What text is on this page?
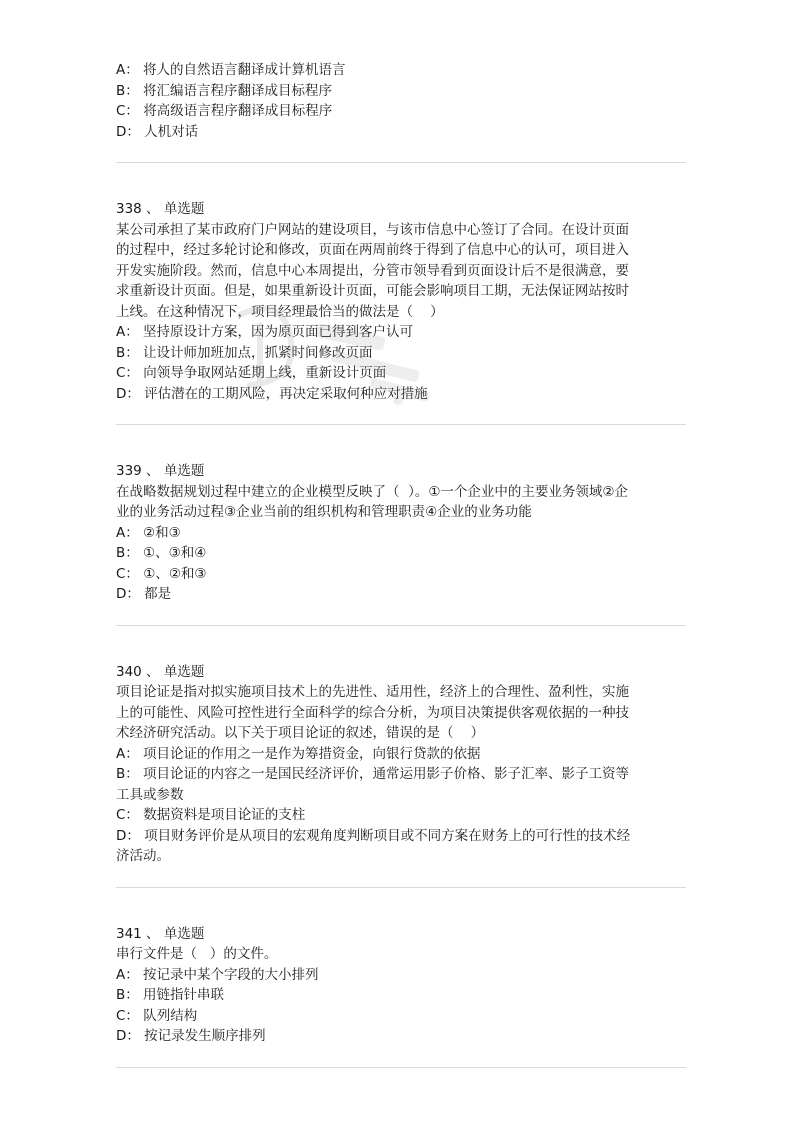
A： 将人的自然语言翻译成计算机语言

B： 将汇编语言程序翻译成目标程序

C： 将高级语言程序翻译成目标程序

D： 人机对话

338 、 单选题

某公司承担了某市政府门户网站的建设项目，与该市信息中心签订了合同。在设计页面

的过程中，经过多轮讨论和修改，页面在两周前终于得到了信息中心的认可，项目进入

开发实施阶段。然而，信息中心本周提出，分管市领导看到页面设计后不是很满意，要

求重新设计页面。但是，如果重新设计页面，可能会影响项目工期，无法保证网站按时

上线。在这种情况下，项目经理最恰当的做法是（    ）

A： 坚持原设计方案，因为原页面已得到客户认可

B： 让设计师加班加点，抓紧时间修改页面

C： 向领导争取网站延期上线，重新设计页面

D： 评估潜在的工期风险，再决定采取何种应对措施

339 、 单选题

在战略数据规划过程中建立的企业模型反映了（  ）。①一个企业中的主要业务领域②企

业的业务活动过程③企业当前的组织机构和管理职责④企业的业务功能

A： ②和③

B： ①、③和④

C： ①、②和③

D： 都是

340 、 单选题

项目论证是指对拟实施项目技术上的先进性、适用性，经济上的合理性、盈利性，实施

上的可能性、风险可控性进行全面科学的综合分析，为项目决策提供客观依据的一种技

术经济研究活动。以下关于项目论证的叙述，错误的是（    ）

A： 项目论证的作用之一是作为筹措资金，向银行贷款的依据

B： 项目论证的内容之一是国民经济评价，通常运用影子价格、影子汇率、影子工资等

工具或参数

C： 数据资料是项目论证的支柱

D： 项目财务评价是从项目的宏观角度判断项目或不同方案在财务上的可行性的技术经

济活动。

341 、 单选题

串行文件是（   ）的文件。

A： 按记录中某个字段的大小排列

B： 用链指针串联

C： 队列结构

D： 按记录发生顺序排列
